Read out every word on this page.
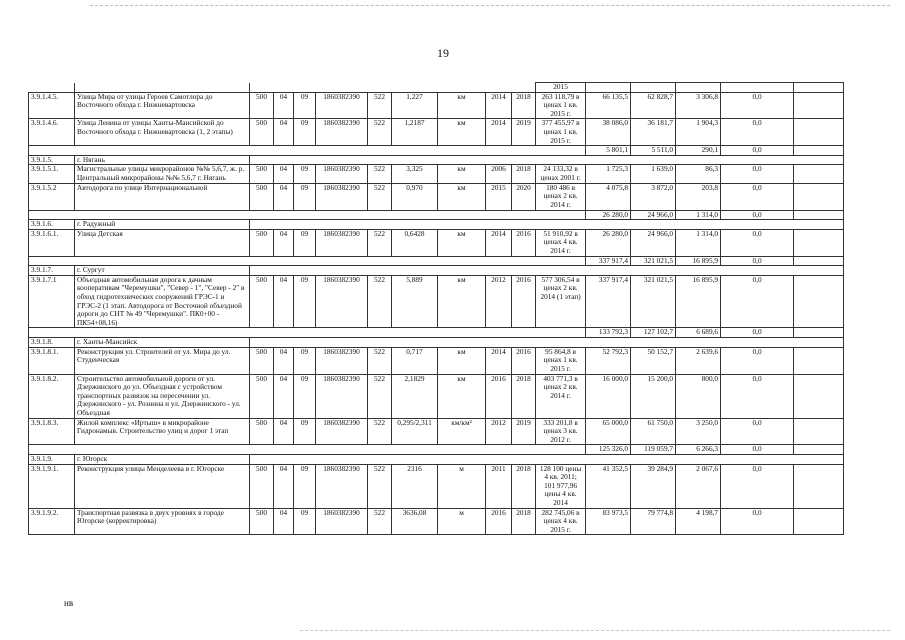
19
											2015					
3.9.1.4.5.	Улица Мира от улицы Героев Самотлора до Восточного обхода г. Нижневартовска	500	04	09	1860382390	522	1,227	км	2014	2018	263 118,79 в ценах 1 кв. 2015 г.	66 135,5	62 828,7	3 306,8	0,0	
3.9.1.4.6.	Улица Ленина от улицы Ханты-Мансийской до Восточного обхода г. Нижневартовска (1, 2 этапы)	500	04	09	1860382390	522	1,2187	км	2014	2019	377 455,97 в ценах 1 кв. 2015 г.	38 086,0	36 181,7	1 904,3	0,0	
												5 801,1	5 511,0	290,1	0,0	
3.9.1.5.	г. Нягань															
3.9.1.5.1.	Магистральные улицы микрорайонов №№ 5,6,7, ж. р. Центральный микрорайоны №№ 5,6,7 г. Нягань	500	04	09	1860382390	522	3,325	км	2006	2018	24 133,32 в ценах 2001 г.	1 725,3	1 639,0	86,3	0,0	
3.9.1.5.2	Автодорога по улице Интернациональной	500	04	09	1860382390	522	0,970	км	2015	2020	180 486 в ценах 2 кв. 2014 г.	4 075,8	3 872,0	203,8	0,0	
												26 280,0	24 966,0	1 314,0	0,0	
3.9.1.6.	г. Радужный															
3.9.1.6.1.	Улица Детская	500	04	09	1860382390	522	0,6428	км	2014	2016	51 910,92 в ценах 4 кв. 2014 г.	26 280,0	24 966,0	1 314,0	0,0	
												337 917,4	321 021,5	16 895,9	0,0	
3.9.1.7.	г. Сургут															
3.9.1.7.1	Объездная автомобильная дорога к дачным кооперативам "Черемушки", "Север - 1", "Север - 2" в обход гидротехнических сооружений ГРЭС-1 и ГРЭС-2 (1 этап. Автодорога от Восточной объездной дороги до СНТ № 49 "Черемушки". ПК0+00 - ПК54+08,16)	500	04	09	1860382390	522	5,889	км	2012	2016	577 306,54 в ценах 2 кв. 2014 (1 этап)	337 917,4	321 021,5	16 895,9	0,0	
												133 792,3	127 102,7	6 689,6	0,0	
3.9.1.8.	г. Ханты-Мансийск															
3.9.1.8.1.	Реконструкция ул. Строителей от ул. Мира до ул. Студенческая	500	04	09	1860382390	522	0,717	км	2014	2016	95 864,8 в ценах 1 кв. 2015 г.	52 792,3	50 152,7	2 639,6	0,0	
3.9.1.8.2.	Строительство автомобильной дороги от ул. Дзержинского до ул. Объездная с устройством транспортных развязок на пересечении ул. Дзержинского - ул. Рознина и ул. Дзержинского - ул. Объездная	500	04	09	1860382390	522	2,1829	км	2016	2018	403 771,3 в ценах 2 кв. 2014 г.	16 000,0	15 200,0	800,0	0,0	
3.9.1.8.3.	Жилой комплекс «Иртыш» в микрорайоне Гидронамыв. Строительство улиц и дорог 1 этап	500	04	09	1860382390	522	0,295/2,311	км/км²	2012	2019	333 201,8 в ценах 3 кв. 2012 г.	65 000,0	61 750,0	3 250,0	0,0	
												125 326,0	119 059,7	6 266,3	0,0	
3.9.1.9.	г. Югорск															
3.9.1.9.1.	Реконструкция улицы Менделеева в г. Югорске	500	04	09	1860382390	522	2316	м	2011	2018	128 100 цены 4 кв. 2011; 101 977,96 цены 4 кв. 2014	41 352,5	39 284,9	2 067,6	0,0	
3.9.1.9.2.	Транспортная развязка в двух уровнях в городе Югорске (корректировка)	500	04	09	1860382390	522	3636,08	м	2016	2018	282 745,06 в ценах 4 кв. 2015 г.	83 973,5	79 774,8	4 198,7	0,0	
нв
